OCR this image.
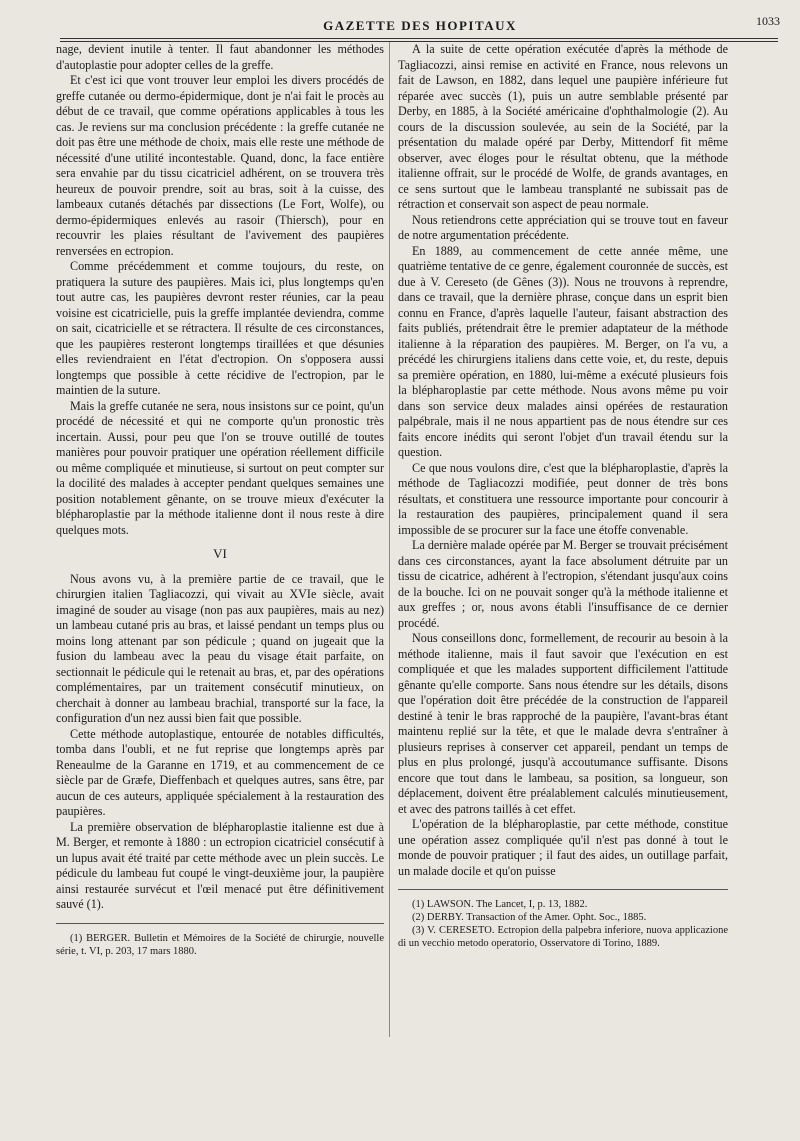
GAZETTE DES HOPITAUX	1033

nage, devient inutile à tenter. Il faut abandonner les méthodes d'autoplastie pour adopter celles de la greffe.

Et c'est ici que vont trouver leur emploi les divers procédés de greffe cutanée ou dermo-épidermique, dont je n'ai fait le procès au début de ce travail, que comme opérations applicables à tous les cas. Je reviens sur ma conclusion précédente : la greffe cutanée ne doit pas être une méthode de choix, mais elle reste une méthode de nécessité d'une utilité incontestable. Quand, donc, la face entière sera envahie par du tissu cicatriciel adhérent, on se trouvera très heureux de pouvoir prendre, soit au bras, soit à la cuisse, des lambeaux cutanés détachés par dissections (Le Fort, Wolfe), ou dermo-épidermiques enlevés au rasoir (Thiersch), pour en recouvrir les plaies résultant de l'avivement des paupières renversées en ectropion.

Comme précédemment et comme toujours, du reste, on pratiquera la suture des paupières. Mais ici, plus longtemps qu'en tout autre cas, les paupières devront rester réunies, car la peau voisine est cicatricielle, puis la greffe implantée deviendra, comme on sait, cicatricielle et se rétractera. Il résulte de ces circonstances, que les paupières resteront longtemps tiraillées et que désunies elles reviendraient en l'état d'ectropion. On s'opposera aussi longtemps que possible à cette récidive de l'ectropion, par le maintien de la suture.

Mais la greffe cutanée ne sera, nous insistons sur ce point, qu'un procédé de nécessité et qui ne comporte qu'un pronostic très incertain. Aussi, pour peu que l'on se trouve outillé de toutes manières pour pouvoir pratiquer une opération réellement difficile ou même compliquée et minutieuse, si surtout on peut compter sur la docilité des malades à accepter pendant quelques semaines une position notablement gênante, on se trouve mieux d'exécuter la blépharoplastie par la méthode italienne dont il nous reste à dire quelques mots.

VI

Nous avons vu, à la première partie de ce travail, que le chirurgien italien Tagliacozzi, qui vivait au XVIe siècle, avait imaginé de souder au visage (non pas aux paupières, mais au nez) un lambeau cutané pris au bras, et laissé pendant un temps plus ou moins long attenant par son pédicule ; quand on jugeait que la fusion du lambeau avec la peau du visage était parfaite, on sectionnait le pédicule qui le retenait au bras, et, par des opérations complémentaires, par un traitement consécutif minutieux, on cherchait à donner au lambeau brachial, transporté sur la face, la configuration d'un nez aussi bien fait que possible.

Cette méthode autoplastique, entourée de notables difficultés, tomba dans l'oubli, et ne fut reprise que longtemps après par Reneaulme de la Garanne en 1719, et au commencement de ce siècle par de Græfe, Dieffenbach et quelques autres, sans être, par aucun de ces auteurs, appliquée spécialement à la restauration des paupières.

La première observation de blépharoplastie italienne est due à M. Berger, et remonte à 1880 : un ectropion cicatriciel consécutif à un lupus avait été traité par cette méthode avec un plein succès. Le pédicule du lambeau fut coupé le vingt-deuxième jour, la paupière ainsi restaurée survécut et l'œil menacé put être définitivement sauvé (1).

(1) BERGER. Bulletin et Mémoires de la Société de chirurgie, nouvelle série, t. VI, p. 203, 17 mars 1880.

A la suite de cette opération exécutée d'après la méthode de Tagliacozzi, ainsi remise en activité en France, nous relevons un fait de Lawson, en 1882, dans lequel une paupière inférieure fut réparée avec succès (1), puis un autre semblable présenté par Derby, en 1885, à la Société américaine d'ophthalmologie (2). Au cours de la discussion soulevée, au sein de la Société, par la présentation du malade opéré par Derby, Mittendorf fit même observer, avec éloges pour le résultat obtenu, que la méthode italienne offrait, sur le procédé de Wolfe, de grands avantages, en ce sens surtout que le lambeau transplanté ne subissait pas de rétraction et conservait son aspect de peau normale.

Nous retiendrons cette appréciation qui se trouve tout en faveur de notre argumentation précédente.

En 1889, au commencement de cette année même, une quatrième tentative de ce genre, également couronnée de succès, est due à V. Cereseto (de Gênes (3)). Nous ne trouvons à reprendre, dans ce travail, que la dernière phrase, conçue dans un esprit bien connu en France, d'après laquelle l'auteur, faisant abstraction des faits publiés, prétendrait être le premier adaptateur de la méthode italienne à la réparation des paupières. M. Berger, on l'a vu, a précédé les chirurgiens italiens dans cette voie, et, du reste, depuis sa première opération, en 1880, lui-même a exécuté plusieurs fois la blépharoplastie par cette méthode. Nous avons même pu voir dans son service deux malades ainsi opérées de restauration palpébrale, mais il ne nous appartient pas de nous étendre sur ces faits encore inédits qui seront l'objet d'un travail étendu sur la question.

Ce que nous voulons dire, c'est que la blépharoplastie, d'après la méthode de Tagliacozzi modifiée, peut donner de très bons résultats, et constituera une ressource importante pour concourir à la restauration des paupières, principalement quand il sera impossible de se procurer sur la face une étoffe convenable.

La dernière malade opérée par M. Berger se trouvait précisément dans ces circonstances, ayant la face absolument détruite par un tissu de cicatrice, adhérent à l'ectropion, s'étendant jusqu'aux coins de la bouche. Ici on ne pouvait songer qu'à la méthode italienne et aux greffes ; or, nous avons établi l'insuffisance de ce dernier procédé.

Nous conseillons donc, formellement, de recourir au besoin à la méthode italienne, mais il faut savoir que l'exécution en est compliquée et que les malades supportent difficilement l'attitude gênante qu'elle comporte. Sans nous étendre sur les détails, disons que l'opération doit être précédée de la construction de l'appareil destiné à tenir le bras rapproché de la paupière, l'avant-bras étant maintenu replié sur la tête, et que le malade devra s'entraîner à plusieurs reprises à conserver cet appareil, pendant un temps de plus en plus prolongé, jusqu'à accoutumance suffisante. Disons encore que tout dans le lambeau, sa position, sa longueur, son déplacement, doivent être préalablement calculés minutieusement, et avec des patrons taillés à cet effet.

L'opération de la blépharoplastie, par cette méthode, constitue une opération assez compliquée qu'il n'est pas donné à tout le monde de pouvoir pratiquer ; il faut des aides, un outillage parfait, un malade docile et qu'on puisse

(1) LAWSON. The Lancet, I, p. 13, 1882.

(2) DERBY. Transaction of the Amer. Opht. Soc., 1885.

(3) V. CERESETO. Ectropion della palpebra inferiore, nuova applicazione di un vecchio metodo operatorio, Osservatore di Torino, 1889.
